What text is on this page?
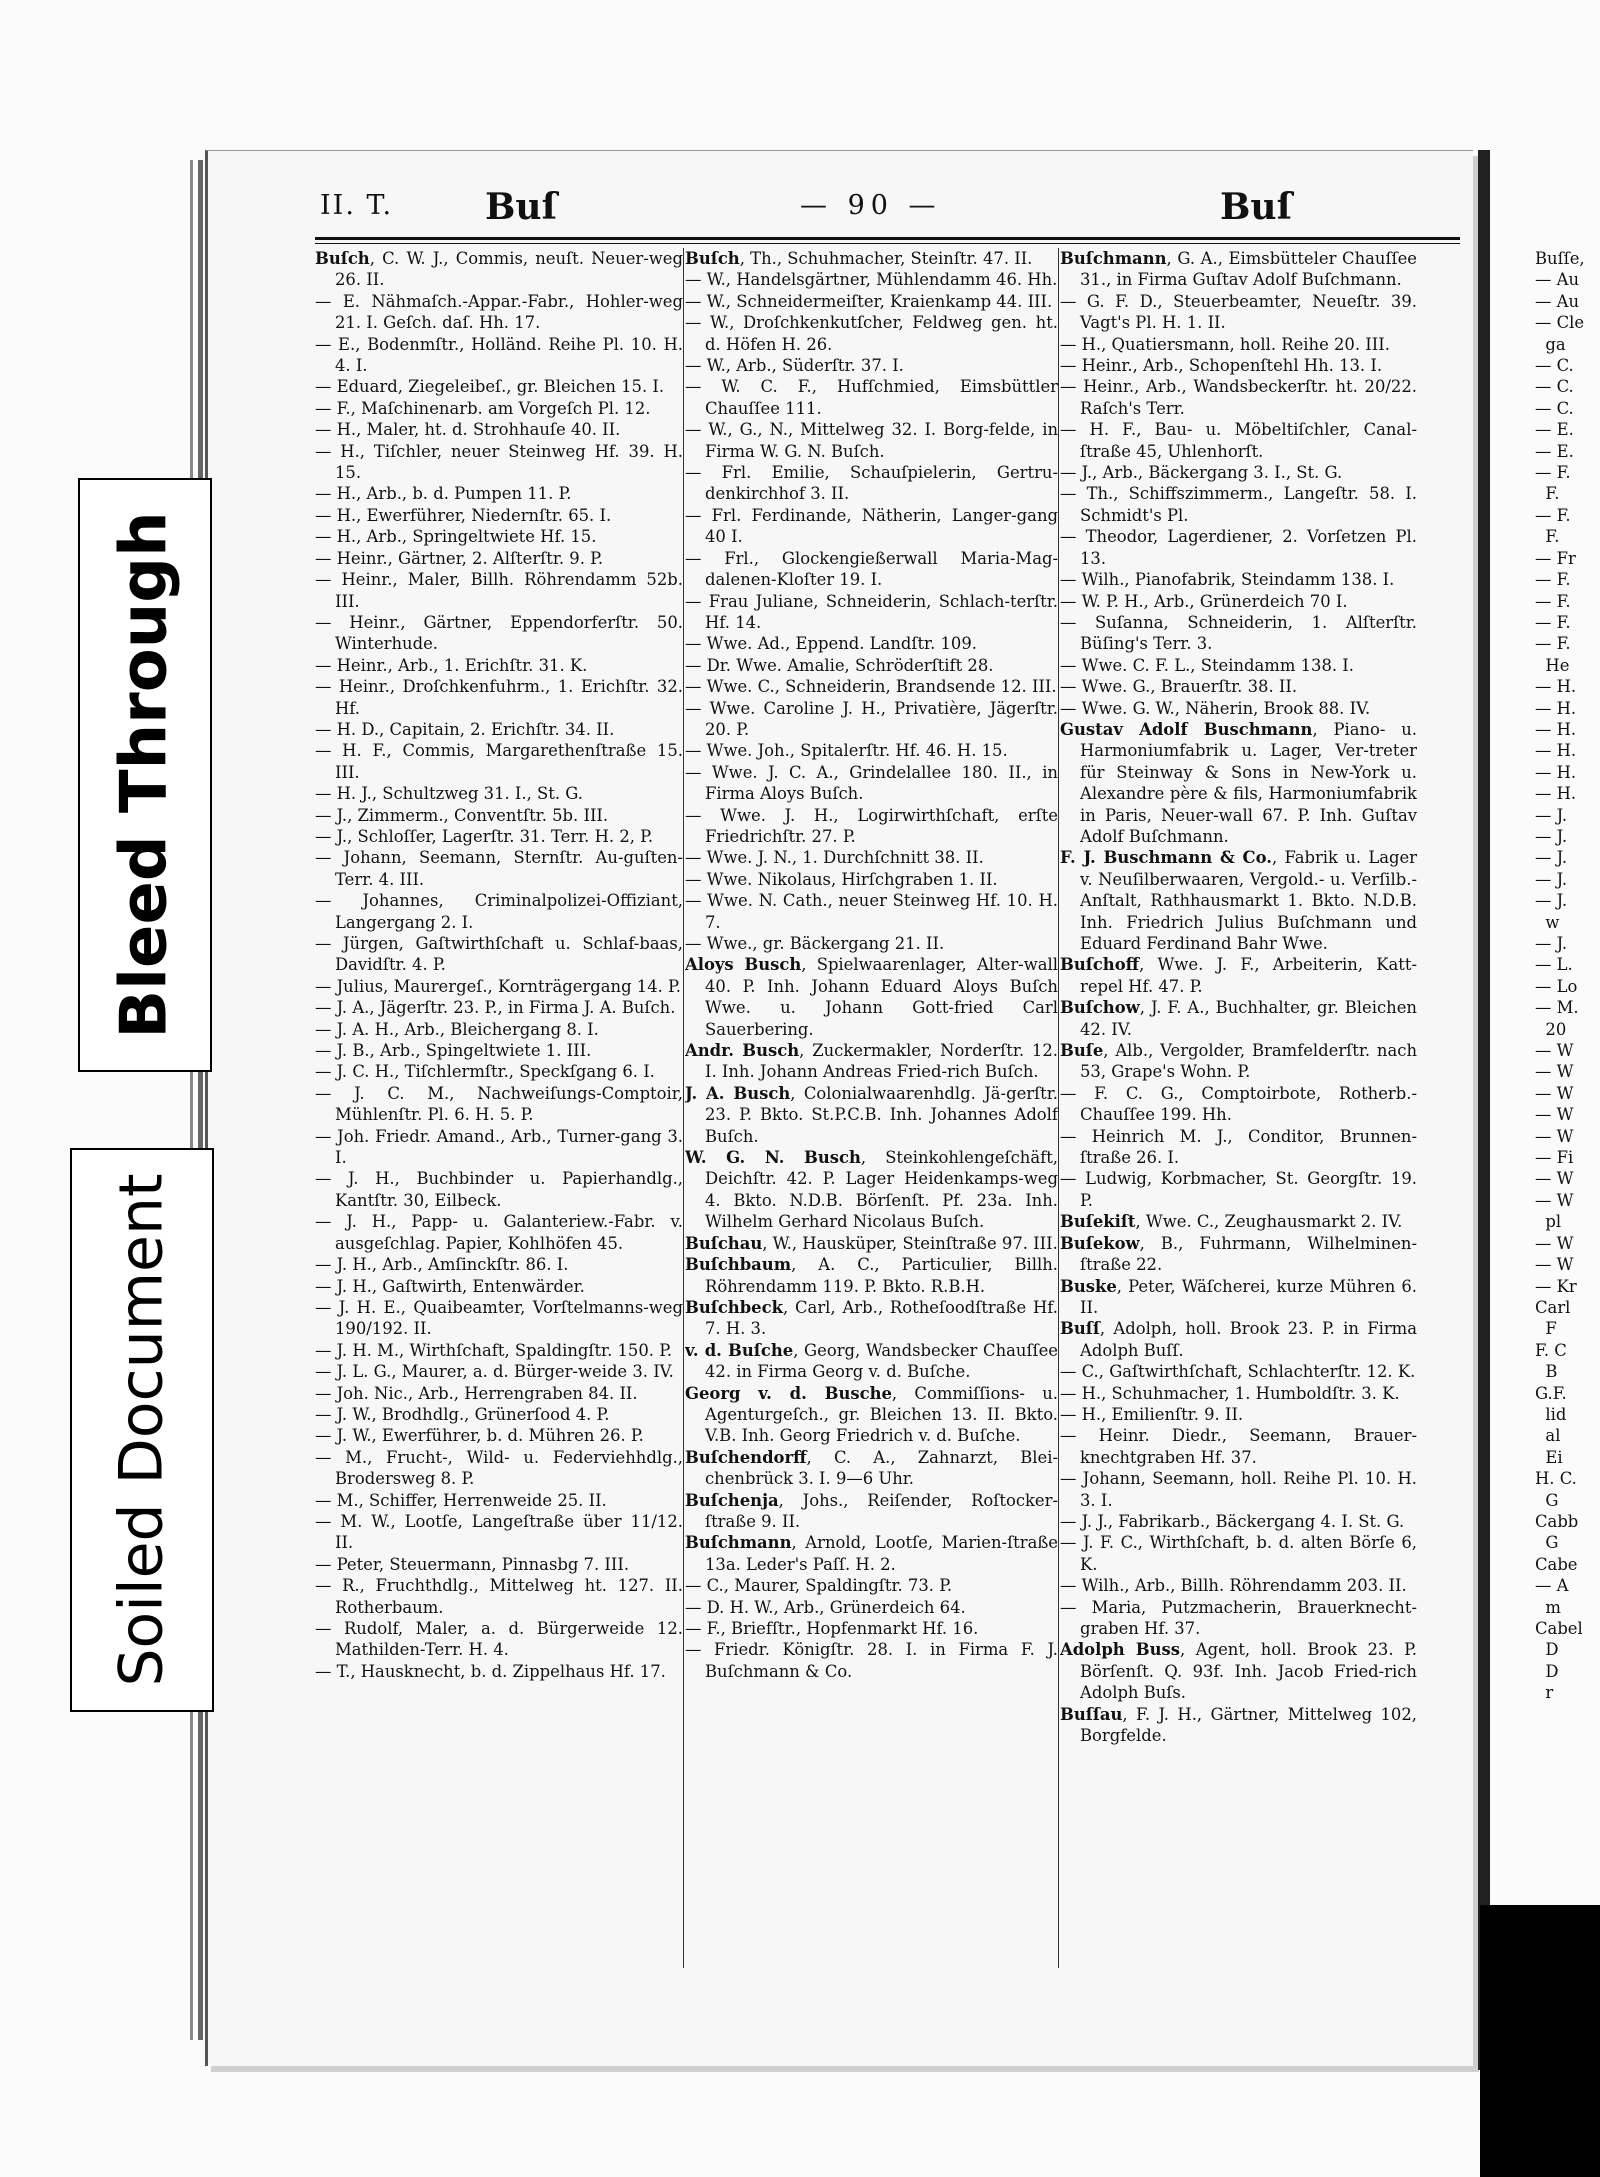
II. T.	Buſ	— 90 —	Buſ

Buſch, C. W. J., Commis, neuſt. Neuer-weg 26. II.

— E. Nähmaſch.-Appar.-Fabr., Hohler-weg 21. I. Geſch. daſ. Hh. 17.

— E., Bodenmſtr., Holländ. Reihe Pl. 10. H. 4. I.

— Eduard, Ziegeleibeſ., gr. Bleichen 15. I.

— F., Maſchinenarb. am Vorgeſch Pl. 12.

— H., Maler, ht. d. Strohhauſe 40. II.

— H., Tiſchler, neuer Steinweg Hf. 39. H. 15.

— H., Arb., b. d. Pumpen 11. P.

— H., Ewerführer, Niedernſtr. 65. I.

— H., Arb., Springeltwiete Hf. 15.

— Heinr., Gärtner, 2. Alſterſtr. 9. P.

— Heinr., Maler, Billh. Röhrendamm 52b. III.

— Heinr., Gärtner, Eppendorferſtr. 50. Winterhude.

— Heinr., Arb., 1. Erichſtr. 31. K.

— Heinr., Droſchkenfuhrm., 1. Erichſtr. 32. Hf.

— H. D., Capitain, 2. Erichſtr. 34. II.

— H. F., Commis, Margarethenſtraße 15. III.

— H. J., Schultzweg 31. I., St. G.

— J., Zimmerm., Conventſtr. 5b. III.

— J., Schloſſer, Lagerſtr. 31. Terr. H. 2, P.

— Johann, Seemann, Sternſtr. Au-guſten-Terr. 4. III.

— Johannes, Criminalpolizei-Offiziant, Langergang 2. I.

— Jürgen, Gaſtwirthſchaft u. Schlaf-baas, Davidſtr. 4. P.

— Julius, Maurergeſ., Kornträgergang 14. P.

— J. A., Jägerſtr. 23. P., in Firma J. A. Buſch.

— J. A. H., Arb., Bleichergang 8. I.

— J. B., Arb., Spingeltwiete 1. III.

— J. C. H., Tiſchlermſtr., Speckſgang 6. I.

— J. C. M., Nachweiſungs-Comptoir, Mühlenſtr. Pl. 6. H. 5. P.

— Joh. Friedr. Amand., Arb., Turner-gang 3. I.

— J. H., Buchbinder u. Papierhandlg., Kantſtr. 30, Eilbeck.

— J. H., Papp- u. Galanteriew.-Fabr. v. ausgeſchlag. Papier, Kohlhöfen 45.

— J. H., Arb., Amſinckſtr. 86. I.

— J. H., Gaſtwirth, Entenwärder.

— J. H. E., Quaibeamter, Vorſtelmanns-weg 190/192. II.

— J. H. M., Wirthſchaft, Spaldingſtr. 150. P.

— J. L. G., Maurer, a. d. Bürger-weide 3. IV.

— Joh. Nic., Arb., Herrengraben 84. II.

— J. W., Brodhdlg., Grünerſood 4. P.

— J. W., Ewerführer, b. d. Mühren 26. P.

— M., Frucht-, Wild- u. Federviehhdlg., Brodersweg 8. P.

— M., Schiffer, Herrenweide 25. II.

— M. W., Lootſe, Langeſtraße über 11/12. II.

— Peter, Steuermann, Pinnasbg 7. III.

— R., Fruchthdlg., Mittelweg ht. 127. II. Rotherbaum.

— Rudolf, Maler, a. d. Bürgerweide 12. Mathilden-Terr. H. 4.

— T., Hausknecht, b. d. Zippelhaus Hf. 17.

Buſch, Th., Schuhmacher, Steinſtr. 47. II.

— W., Handelsgärtner, Mühlendamm 46. Hh.

— W., Schneidermeiſter, Kraienkamp 44. III.

— W., Droſchkenkutſcher, Feldweg gen. ht. d. Höfen H. 26.

— W., Arb., Süderſtr. 37. I.

— W. C. F., Hufſchmied, Eimsbüttler Chauſſee 111.

— W., G., N., Mittelweg 32. I. Borg-felde, in Firma W. G. N. Buſch.

— Frl. Emilie, Schauſpielerin, Gertru-denkirchhof 3. II.

— Frl. Ferdinande, Nätherin, Langer-gang 40 I.

— Frl., Glockengießerwall Maria-Mag-dalenen-Kloſter 19. I.

— Frau Juliane, Schneiderin, Schlach-terſtr. Hf. 14.

— Wwe. Ad., Eppend. Landſtr. 109.

— Dr. Wwe. Amalie, Schröderſtift 28.

— Wwe. C., Schneiderin, Brandsende 12. III.

— Wwe. Caroline J. H., Privatière, Jägerſtr. 20. P.

— Wwe. Joh., Spitalerſtr. Hf. 46. H. 15.

— Wwe. J. C. A., Grindelallee 180. II., in Firma Aloys Buſch.

— Wwe. J. H., Logirwirthſchaft, erſte Friedrichſtr. 27. P.

— Wwe. J. N., 1. Durchſchnitt 38. II.

— Wwe. Nikolaus, Hirſchgraben 1. II.

— Wwe. N. Cath., neuer Steinweg Hf. 10. H. 7.

— Wwe., gr. Bäckergang 21. II.

Aloys Busch, Spielwaarenlager, Alter-wall 40. P. Inh. Johann Eduard Aloys Buſch Wwe. u. Johann Gott-fried Carl Sauerbering.

Andr. Busch, Zuckermakler, Norderſtr. 12. I. Inh. Johann Andreas Fried-rich Buſch.

J. A. Busch, Colonialwaarenhdlg. Jä-gerſtr. 23. P. Bkto. St.P.C.B. Inh. Johannes Adolf Buſch.

W. G. N. Busch, Steinkohlengeſchäft, Deichſtr. 42. P. Lager Heidenkamps-weg 4. Bkto. N.D.B. Börſenſt. Pf. 23a. Inh. Wilhelm Gerhard Nicolaus Buſch.

Buſchau, W., Hausküper, Steinſtraße 97. III.

Buſchbaum, A. C., Particulier, Billh. Röhrendamm 119. P. Bkto. R.B.H.

Buſchbeck, Carl, Arb., Rotheſoodſtraße Hf. 7. H. 3.

v. d. Buſche, Georg, Wandsbecker Chauſſee 42. in Firma Georg v. d. Buſche.

Georg v. d. Busche, Commiſſions- u. Agenturgeſch., gr. Bleichen 13. II. Bkto. V.B. Inh. Georg Friedrich v. d. Buſche.

Buſchendorff, C. A., Zahnarzt, Blei-chenbrück 3. I. 9—6 Uhr.

Buſchenja, Johs., Reiſender, Roſtocker-ſtraße 9. II.

Buſchmann, Arnold, Lootſe, Marien-ſtraße 13a. Leder's Paſſ. H. 2.

— C., Maurer, Spaldingſtr. 73. P.

— D. H. W., Arb., Grünerdeich 64.

— F., Briefſtr., Hopfenmarkt Hf. 16.

— Friedr. Königſtr. 28. I. in Firma F. J. Buſchmann & Co.

Buſchmann, G. A., Eimsbütteler Chauſſee 31., in Firma Guſtav Adolf Buſchmann.

— G. F. D., Steuerbeamter, Neueſtr. 39. Vagt's Pl. H. 1. II.

— H., Quatiersmann, holl. Reihe 20. III.

— Heinr., Arb., Schopenſtehl Hh. 13. I.

— Heinr., Arb., Wandsbeckerſtr. ht. 20/22. Raſch's Terr.

— H. F., Bau- u. Möbeltiſchler, Canal-ſtraße 45, Uhlenhorſt.

— J., Arb., Bäckergang 3. I., St. G.

— Th., Schiffszimmerm., Langeſtr. 58. I. Schmidt's Pl.

— Theodor, Lagerdiener, 2. Vorſetzen Pl. 13.

— Wilh., Pianofabrik, Steindamm 138. I.

— W. P. H., Arb., Grünerdeich 70 I.

— Suſanna, Schneiderin, 1. Alſterſtr. Büſing's Terr. 3.

— Wwe. C. F. L., Steindamm 138. I.

— Wwe. G., Brauerſtr. 38. II.

— Wwe. G. W., Näherin, Brook 88. IV.

Gustav Adolf Buschmann, Piano- u. Harmoniumfabrik u. Lager, Ver-treter für Steinway & Sons in New-York u. Alexandre père & fils, Harmoniumfabrik in Paris, Neuer-wall 67. P. Inh. Guſtav Adolf Buſchmann.

F. J. Buschmann & Co., Fabrik u. Lager v. Neuſilberwaaren, Vergold.- u. Verſilb.-Anſtalt, Rathhausmarkt 1. Bkto. N.D.B. Inh. Friedrich Julius Buſchmann und Eduard Ferdinand Bahr Wwe.

Buſchoff, Wwe. J. F., Arbeiterin, Katt-repel Hf. 47. P.

Buſchow, J. F. A., Buchhalter, gr. Bleichen 42. IV.

Buſe, Alb., Vergolder, Bramfelderſtr. nach 53, Grape's Wohn. P.

— F. C. G., Comptoirbote, Rotherb.-Chauſſee 199. Hh.

— Heinrich M. J., Conditor, Brunnen-ſtraße 26. I.

— Ludwig, Korbmacher, St. Georgſtr. 19. P.

Buſekiſt, Wwe. C., Zeughausmarkt 2. IV.

Buſekow, B., Fuhrmann, Wilhelminen-ſtraße 22.

Buske, Peter, Wäſcherei, kurze Mühren 6. II.

Buſſ, Adolph, holl. Brook 23. P. in Firma Adolph Buſſ.

— C., Gaſtwirthſchaft, Schlachterſtr. 12. K.

— H., Schuhmacher, 1. Humboldſtr. 3. K.

— H., Emilienſtr. 9. II.

— Heinr. Diedr., Seemann, Brauer-knechtgraben Hf. 37.

— Johann, Seemann, holl. Reihe Pl. 10. H. 3. I.

— J. J., Fabrikarb., Bäckergang 4. I. St. G.

— J. F. C., Wirthſchaft, b. d. alten Börſe 6, K.

— Wilh., Arb., Billh. Röhrendamm 203. II.

— Maria, Putzmacherin, Brauerknecht-graben Hf. 37.

Adolph Buss, Agent, holl. Brook 23. P. Börſenſt. Q. 93f. Inh. Jacob Fried-rich Adolph Buſs.

Buſſau, F. J. H., Gärtner, Mittelweg 102, Borgfelde.

Buſſe,
— Au
— Au
— Cle
ga
— C.
— C.
— C.
— E.
— E.
— F.
F.
— F.
F.
— Fr
— F.
— F.
— F.
— F.
He
— H.
— H.
— H.
— H.
— H.
— H.
— J.
— J.
— J.
— J.
— J.
w
— J.
— L.
— Lo
— M.
20
— W
— W
— W
— W
— W
— Fi
— W
— W
pl
— W
— W
— Kr
Carl
F
F. C
B
G.F.
lid
al
Ei
H. C.
G
Cabb
G
Cabe
— A
m
Cabel
D
D
r
Bleed Through
Soiled Document
